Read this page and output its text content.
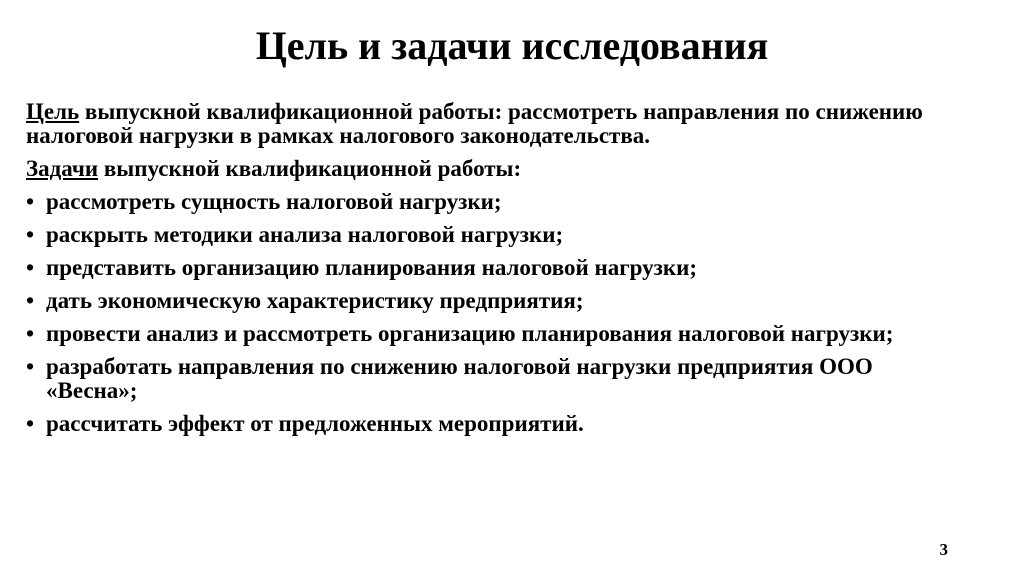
Цель и задачи исследования

Цель выпускной квалификационной работы: рассмотреть направления по снижению налоговой нагрузки в рамках налогового законодательства.

Задачи выпускной квалификационной работы:

• рассмотреть сущность налоговой нагрузки;
• раскрыть методики анализа налоговой нагрузки;
• представить организацию планирования налоговой нагрузки;
• дать экономическую характеристику предприятия;
• провести анализ и рассмотреть организацию планирования налоговой нагрузки;
• разработать направления по снижению налоговой нагрузки предприятия ООО «Весна»;
• рассчитать эффект от предложенных мероприятий.
3
